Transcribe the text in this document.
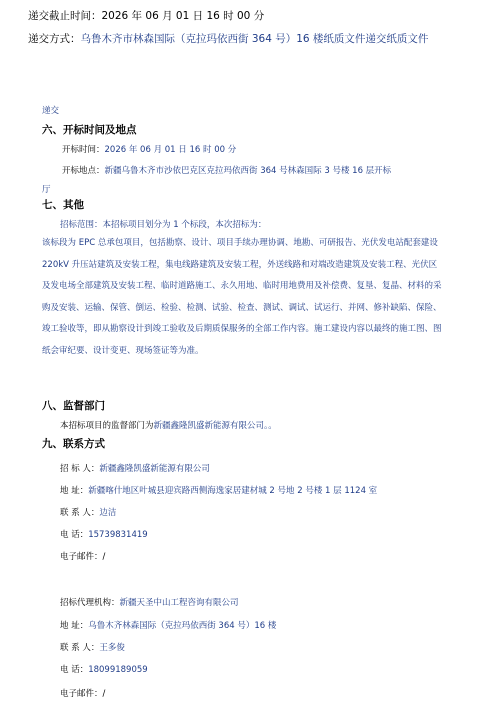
递交截止时间：2026 年 06 月 01 日 16 时 00 分
递交方式：乌鲁木齐市林森国际（克拉玛依西街 364 号）16 楼纸质文件递交纸质文件
递交
六、开标时间及地点
开标时间：2026 年 06 月 01 日 16 时 00 分
开标地点：新疆乌鲁木齐市沙依巴克区克拉玛依西街 364 号林森国际 3 号楼 16 层开标
厅
七、其他
招标范围：本招标项目划分为 1 个标段，本次招标为：
该标段为 EPC 总承包项目，包括勘察、设计、项目手续办理协调、地勘、可研报告、光伏发电站配套建设 220kV 升压站建筑及安装工程，集电线路建筑及安装工程，外送线路和对端改造建筑及安装工程、光伏区及发电场全部建筑及安装工程、临时道路施工、永久用地、临时用地费用及补偿费、复垦、复晶、材料的采购及安装、运输、保管、倒运、检验、检测、试验、检查、测试、调试、试运行、并网、修补缺陷、保险、竣工验收等，即从勘察设计到竣工验收及后期质保服务的全部工作内容。施工建设内容以最终的施工图、图纸会审纪要、设计变更、现场签证等为准。
八、监督部门
本招标项目的监督部门为新疆鑫隆凯盛新能源有限公司。。
九、联系方式
招 标 人：新疆鑫隆凯盛新能源有限公司
地 址：新疆喀什地区叶城县迎宾路西侧海逸家居建材城 2 号地 2 号楼 1 层 1124 室
联 系 人：边洁
电 话：15739831419
电子邮件：/
招标代理机构：新疆天圣中山工程咨询有限公司
地 址：乌鲁木齐林森国际（克拉玛依西街 364 号）16 楼
联 系 人：王多俊
电 话：18099189059
电子邮件：/
